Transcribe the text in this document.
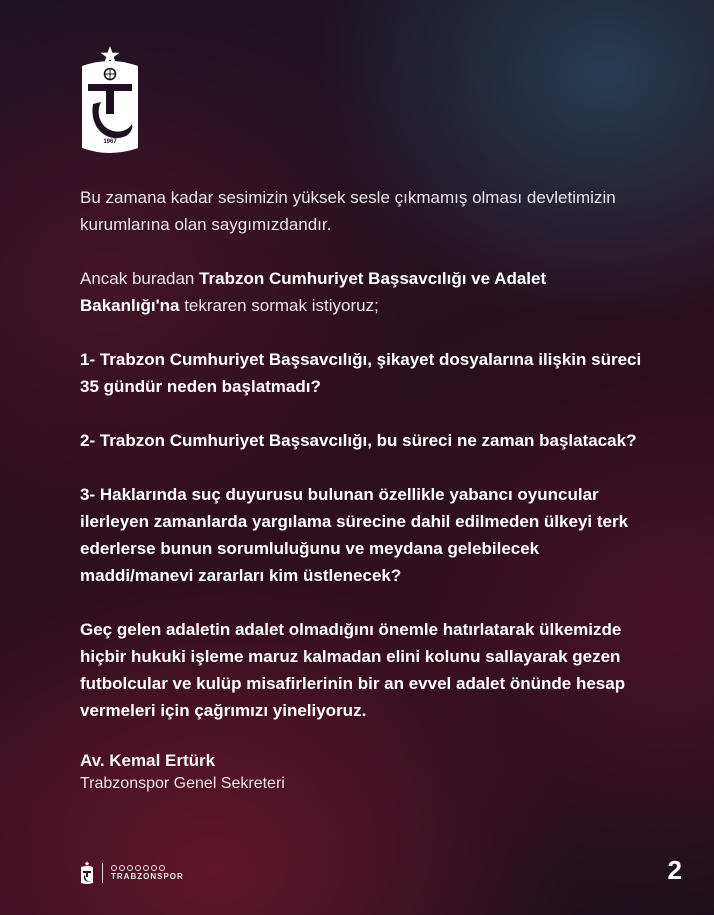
1967

Bu zamana kadar sesimizin yüksek sesle çıkmamış olması devletimizin kurumlarına olan saygımızdandır.

Ancak buradan Trabzon Cumhuriyet Başsavcılığı ve Adalet Bakanlığı'na tekraren sormak istiyoruz;

1- Trabzon Cumhuriyet Başsavcılığı, şikayet dosyalarına ilişkin süreci 35 gündür neden başlatmadı?

2- Trabzon Cumhuriyet Başsavcılığı, bu süreci ne zaman başlatacak?

3- Haklarında suç duyurusu bulunan özellikle yabancı oyuncular ilerleyen zamanlarda yargılama sürecine dahil edilmeden ülkeyi terk ederlerse bunun sorumluluğunu ve meydana gelebilecek maddi/manevi zararları kim üstlenecek?

Geç gelen adaletin adalet olmadığını önemle hatırlatarak ülkemizde hiçbir hukuki işleme maruz kalmadan elini kolunu sallayarak gezen futbolcular ve kulüp misafirlerinin bir an evvel adalet önünde hesap vermeleri için çağrımızı yineliyoruz.

Av. Kemal Ertürk
Trabzonspor Genel Sekreteri
TRABZONSPOR	2
